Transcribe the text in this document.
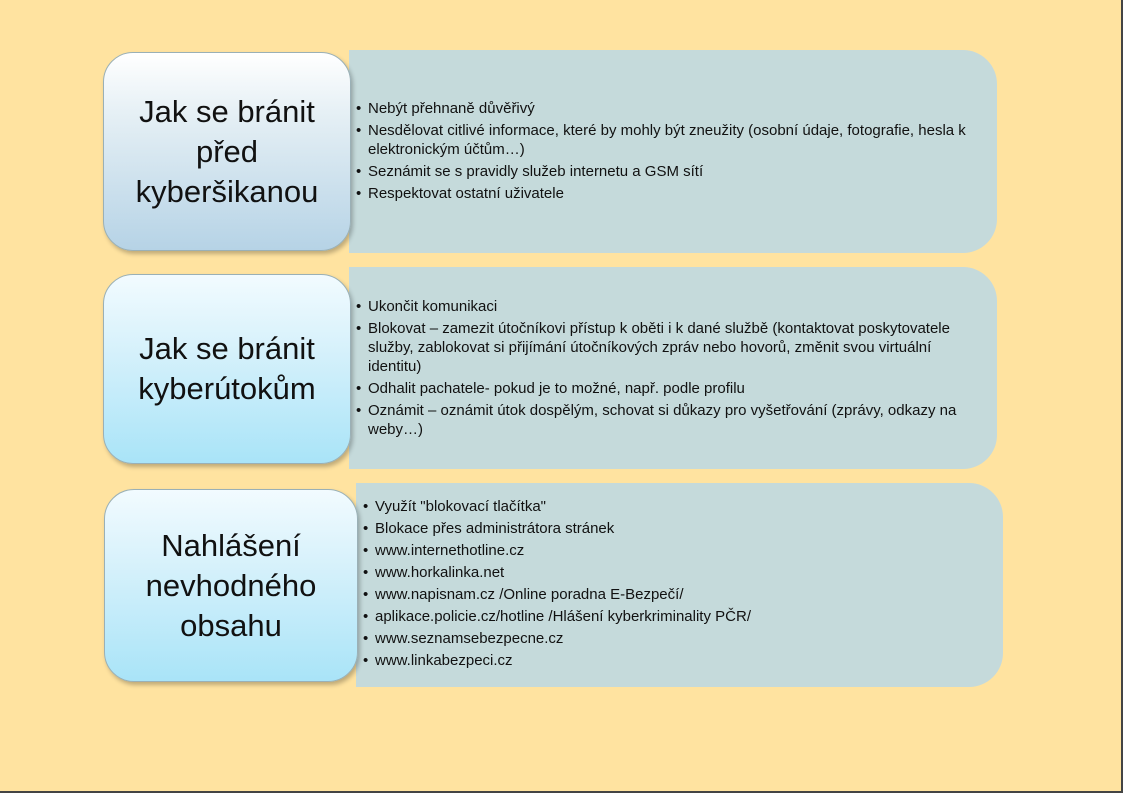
• Nebýt přehnaně důvěřivý
• Nesdělovat citlivé informace, které by mohly být zneužity (osobní údaje, fotografie, hesla k elektronickým účtům…)
• Seznámit se s pravidly služeb internetu a GSM sítí
• Respektovat ostatní uživatele
Jak se bránit před kyberšikanou
• Ukončit komunikaci
• Blokovat – zamezit útočníkovi přístup k oběti i k dané službě (kontaktovat poskytovatele služby, zablokovat si přijímání útočníkových zpráv nebo hovorů, změnit svou virtuální identitu)
• Odhalit pachatele- pokud je to možné, např. podle profilu
• Oznámit – oznámit útok dospělým, schovat si důkazy pro vyšetřování (zprávy, odkazy na weby…)
Jak se bránit kyberútokům
• Využít "blokovací tlačítka"
• Blokace přes administrátora stránek
• www.internethotline.cz
• www.horkalinka.net
• www.napisnam.cz /Online poradna E-Bezpečí/
• aplikace.policie.cz/hotline /Hlášení kyberkriminality PČR/
• www.seznamsebezpecne.cz
• www.linkabezpeci.cz
Nahlášení nevhodného obsahu
